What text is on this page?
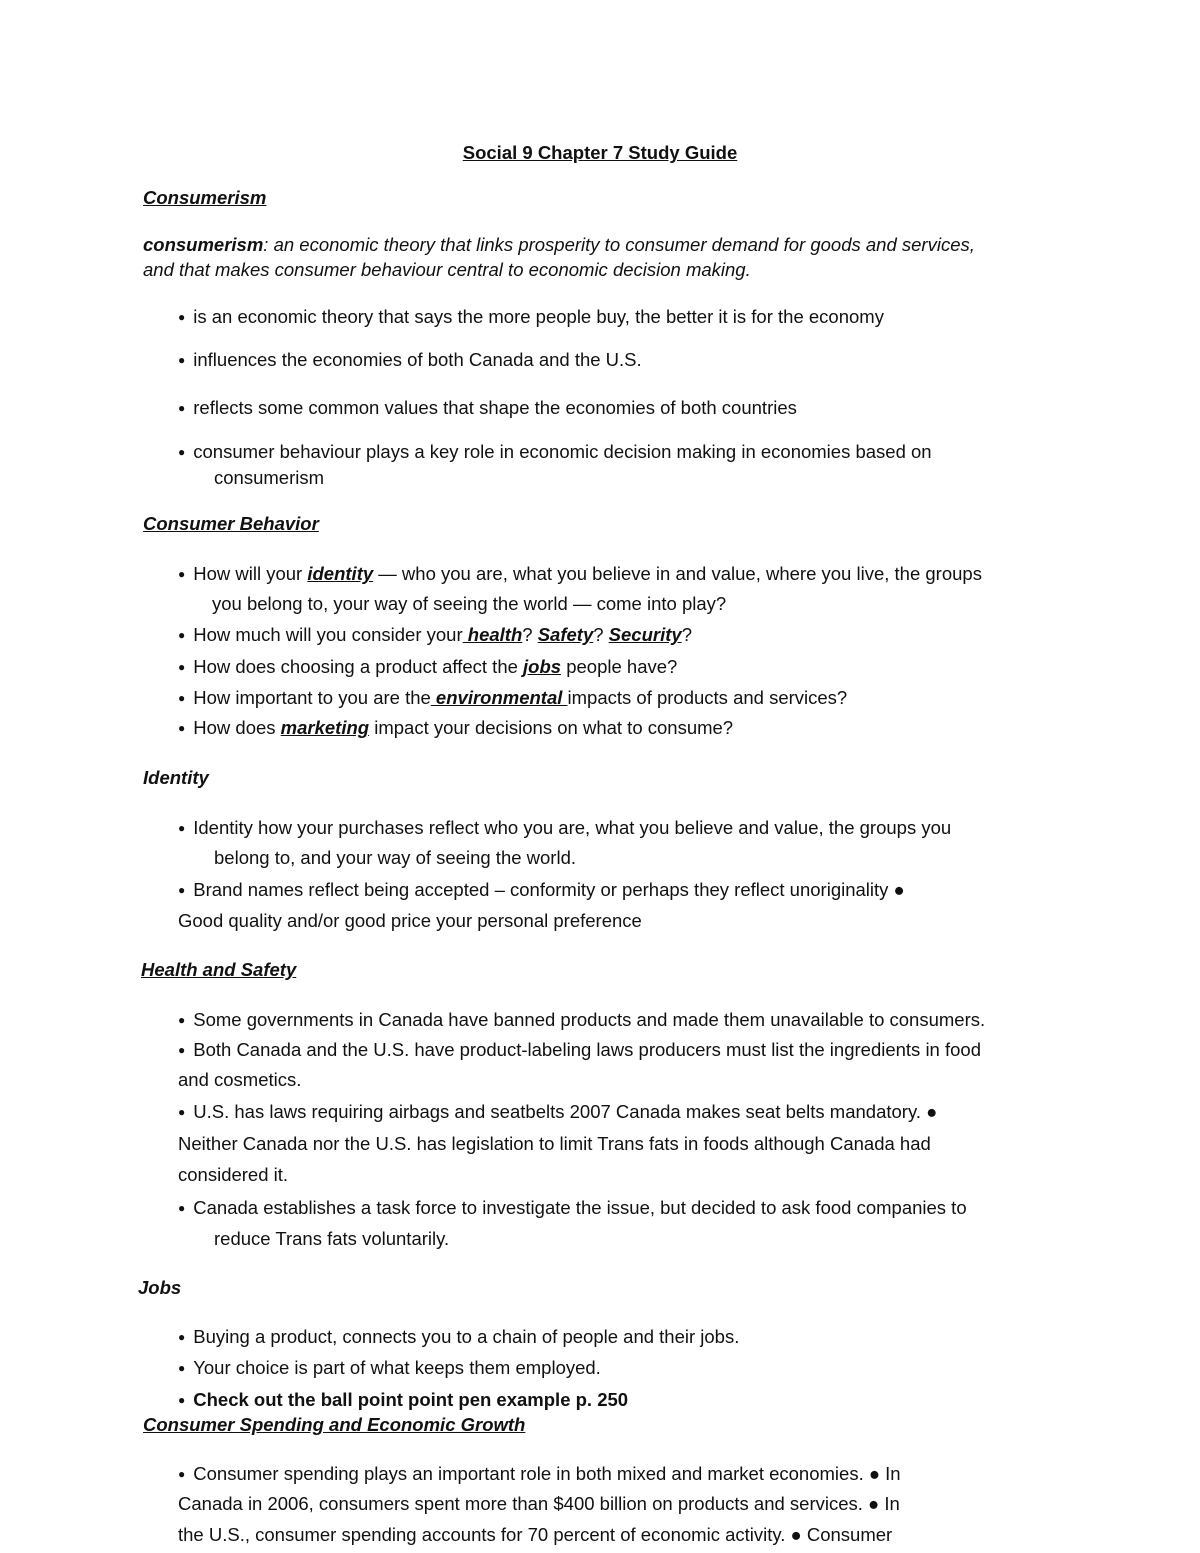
Social 9 Chapter 7 Study Guide
Consumerism
consumerism: an economic theory that links prosperity to consumer demand for goods and services,
and that makes consumer behaviour central to economic decision making.
● is an economic theory that says the more people buy, the better it is for the economy
● influences the economies of both Canada and the U.S.
● reflects some common values that shape the economies of both countries
● consumer behaviour plays a key role in economic decision making in economies based on
consumerism
Consumer Behavior
● How will your identity — who you are, what you believe in and value, where you live, the groups
you belong to, your way of seeing the world — come into play?
● How much will you consider your health? Safety? Security?
● How does choosing a product affect the jobs people have?
● How important to you are the environmental impacts of products and services?
● How does marketing impact your decisions on what to consume?
Identity
● Identity how your purchases reflect who you are, what you believe and value, the groups you
belong to, and your way of seeing the world.
● Brand names reflect being accepted – conformity or perhaps they reflect unoriginality ●
Good quality and/or good price your personal preference
Health and Safety
● Some governments in Canada have banned products and made them unavailable to consumers.
● Both Canada and the U.S. have product-labeling laws producers must list the ingredients in food
and cosmetics.
● U.S. has laws requiring airbags and seatbelts 2007 Canada makes seat belts mandatory. ●
Neither Canada nor the U.S. has legislation to limit Trans fats in foods although Canada had
considered it.
● Canada establishes a task force to investigate the issue, but decided to ask food companies to
reduce Trans fats voluntarily.
Jobs
● Buying a product, connects you to a chain of people and their jobs.
● Your choice is part of what keeps them employed.
● Check out the ball point point pen example p. 250
Consumer Spending and Economic Growth
● Consumer spending plays an important role in both mixed and market economies. ● In
Canada in 2006, consumers spent more than $400 billion on products and services. ● In
the U.S., consumer spending accounts for 70 percent of economic activity. ● Consumer
